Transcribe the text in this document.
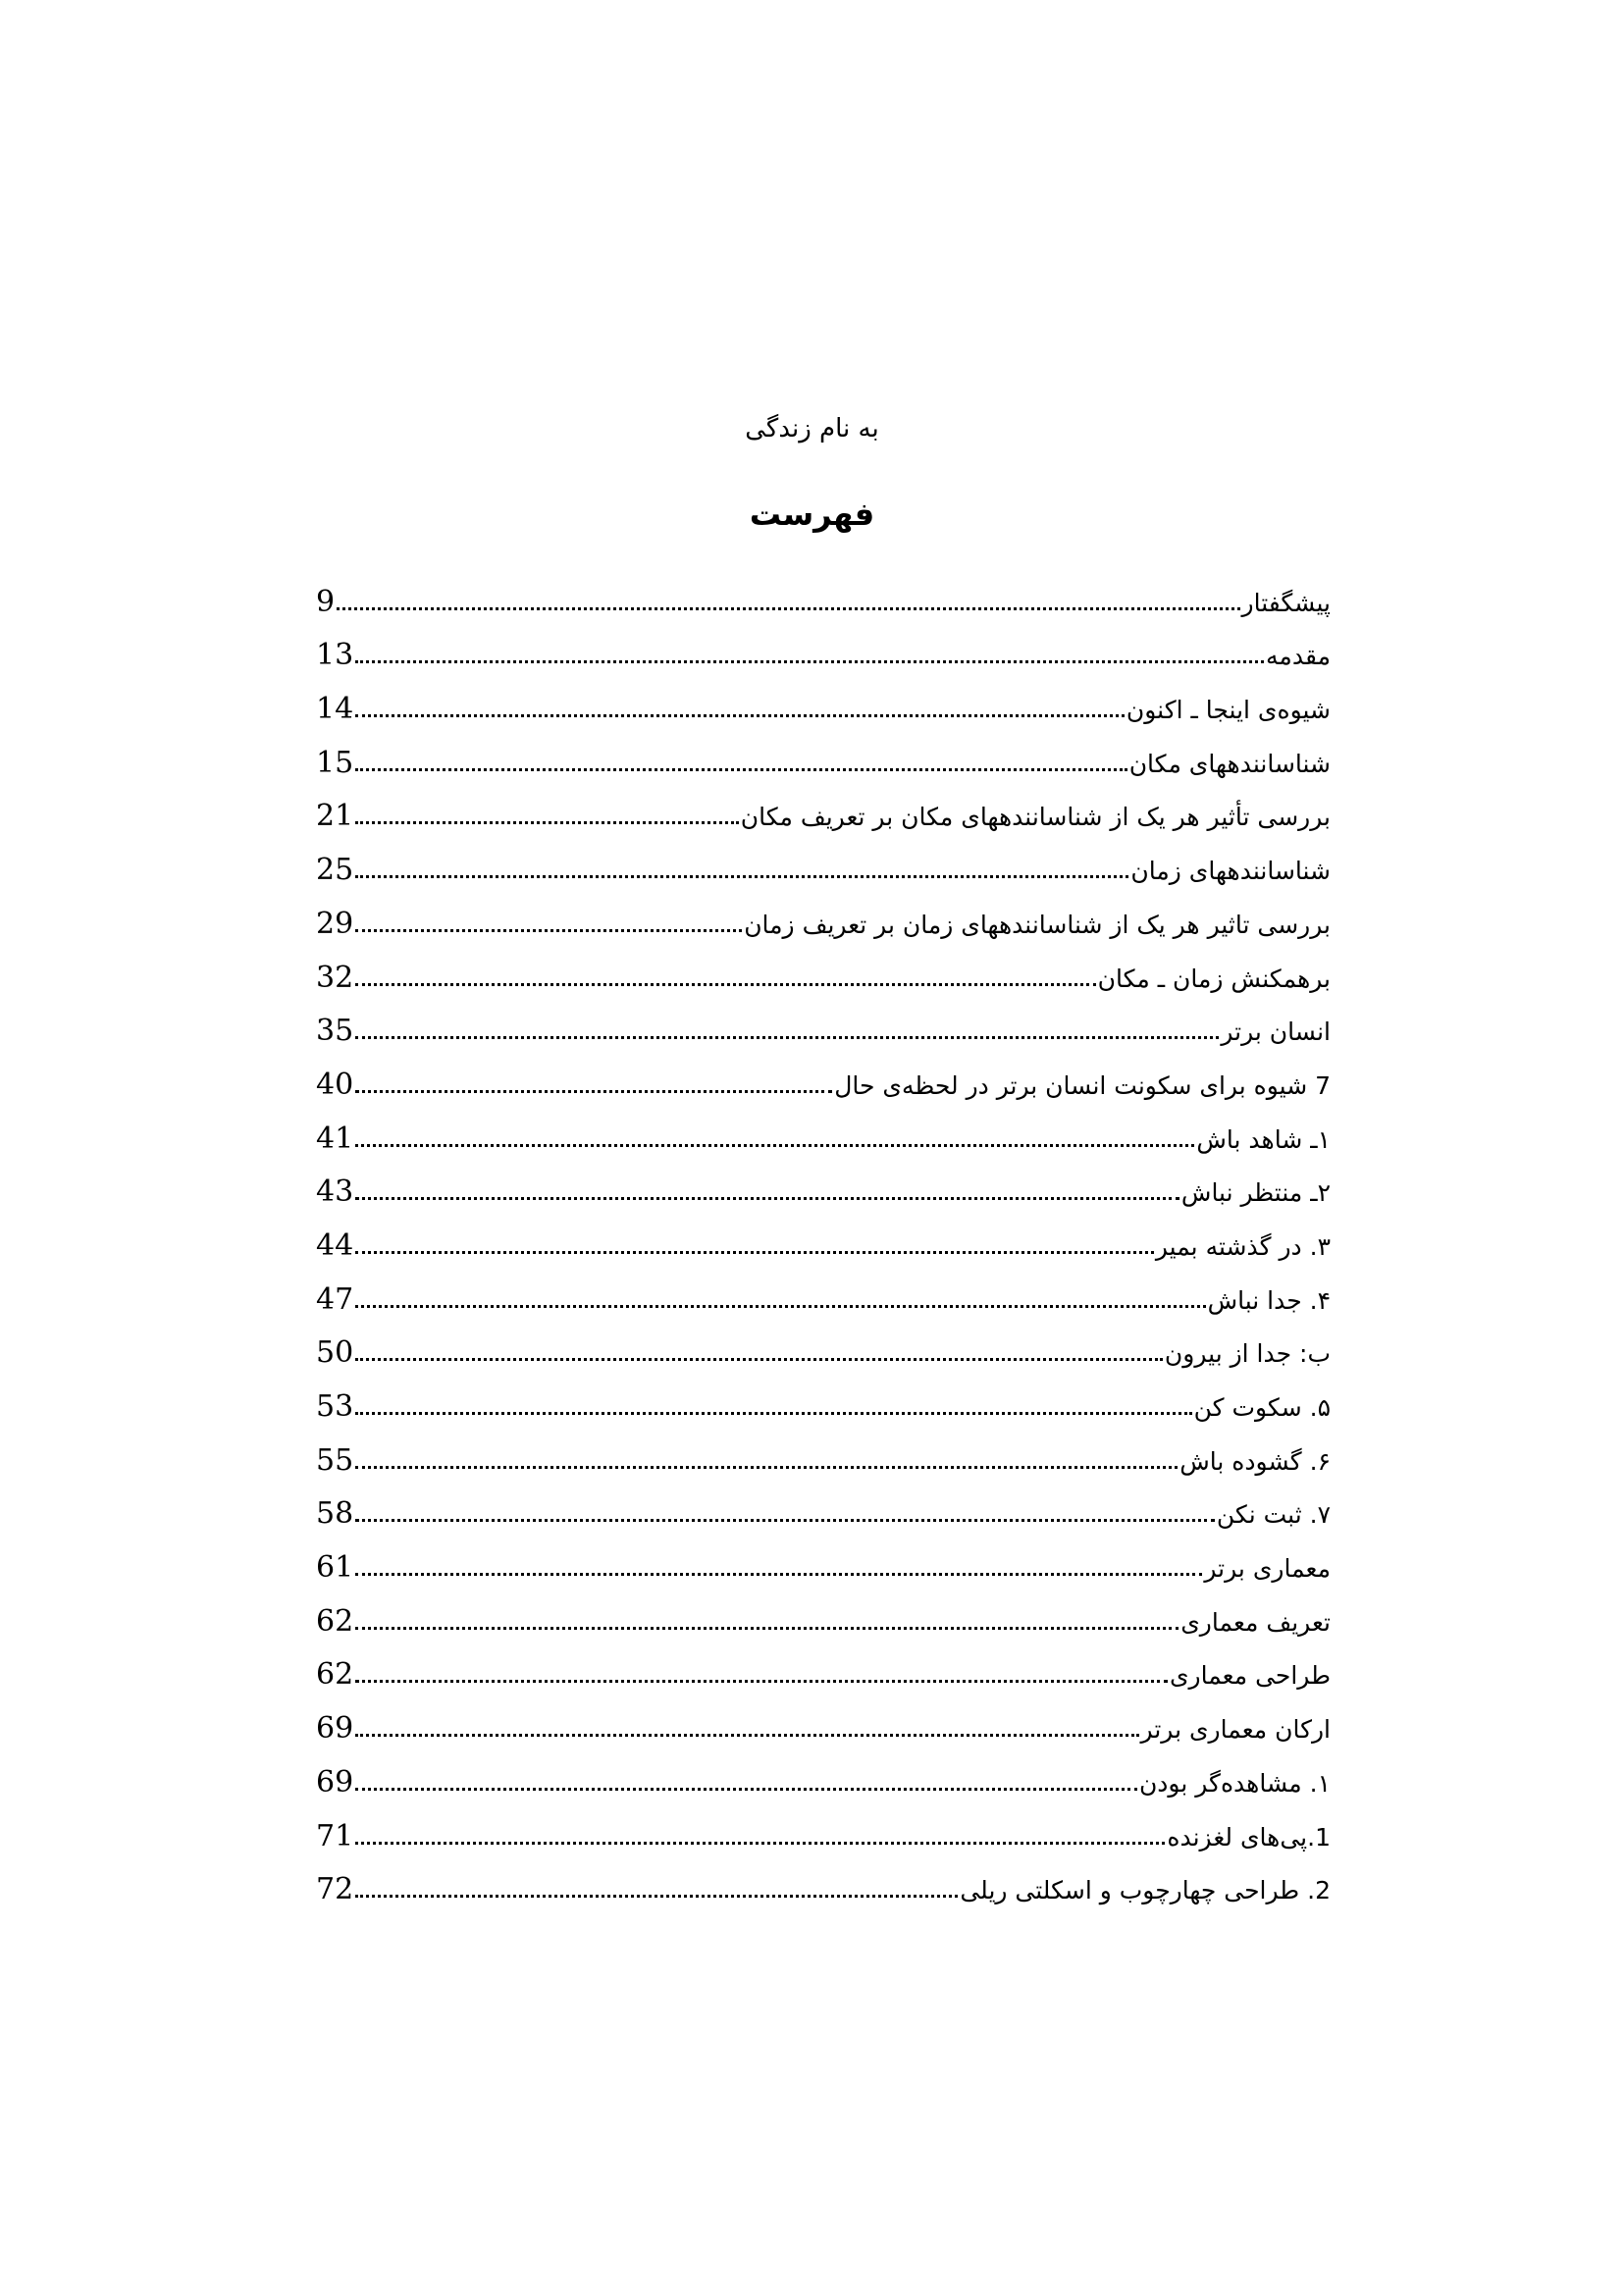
به نام زندگی
فهرست
پیشگفتار
9
مقدمه
13
شیوه‌ی اینجا ـ اکنون
14
شناسانندههای مکان
15
بررسی تأثیر هر یک از شناسانندههای مکان بر تعریف مکان
21
شناسانندههای زمان
25
بررسی تاثیر هر یک از شناسانندههای زمان بر تعریف زمان
29
برهمکنش زمان ـ مکان
32
انسان برتر
35
7 شیوه برای سکونت انسان برتر در لحظه‌ی حال
40
۱ـ شاهد باش
41
۲ـ منتظر نباش
43
۳. در گذشته بمیر
44
۴. جدا نباش
47
ب: جدا از بیرون
50
۵. سکوت کن
53
۶. گشوده باش
55
۷. ثبت نکن
58
معماری برتر
61
تعریف معماری
62
طراحی معماری
62
ارکان معماری برتر
69
۱. مشاهده‌گر بودن
69
1.پی‌های لغزنده
71
2. طراحی چهارچوب و اسکلتی ریلی
72
